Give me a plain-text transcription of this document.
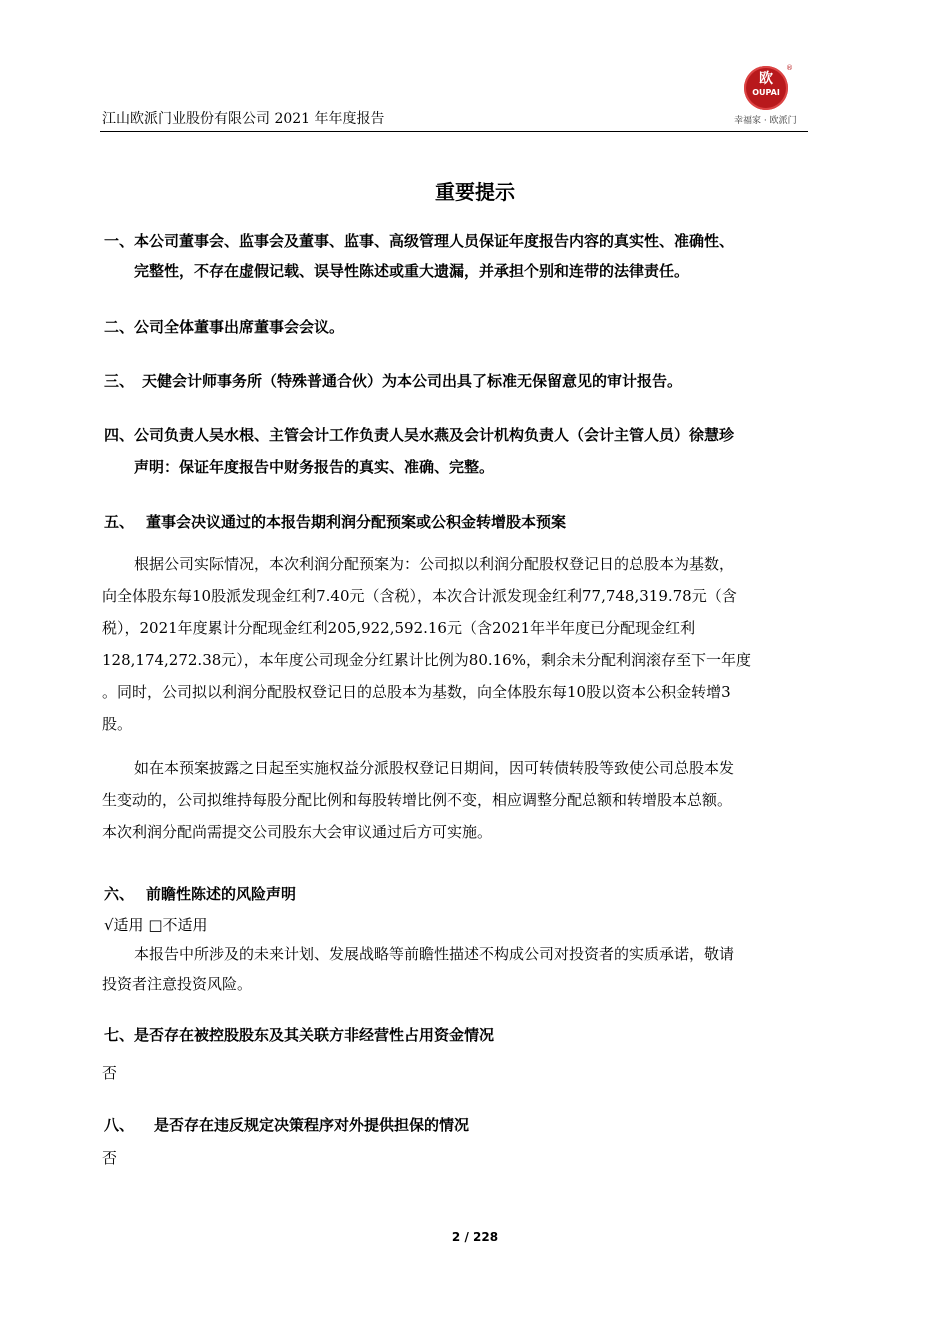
江山欧派门业股份有限公司 2021 年年度报告
欧
OUPAI
®
幸福家 · 欧派门
重要提示
一、本公司董事会、监事会及董事、监事、高级管理人员保证年度报告内容的真实性、准确性、
完整性，不存在虚假记载、误导性陈述或重大遗漏，并承担个别和连带的法律责任。
二、公司全体董事出席董事会会议。
三、 天健会计师事务所（特殊普通合伙）为本公司出具了标准无保留意见的审计报告。
四、公司负责人吴水根、主管会计工作负责人吴水燕及会计机构负责人（会计主管人员）徐慧珍
声明：保证年度报告中财务报告的真实、准确、完整。
五、 董事会决议通过的本报告期利润分配预案或公积金转增股本预案
根据公司实际情况，本次利润分配预案为：公司拟以利润分配股权登记日的总股本为基数，
向全体股东每10股派发现金红利7.40元（含税），本次合计派发现金红利77,748,319.78元（含
税），2021年度累计分配现金红利205,922,592.16元（含2021年半年度已分配现金红利
128,174,272.38元），本年度公司现金分红累计比例为80.16%，剩余未分配利润滚存至下一年度
。同时，公司拟以利润分配股权登记日的总股本为基数，向全体股东每10股以资本公积金转增3
股。
如在本预案披露之日起至实施权益分派股权登记日期间，因可转债转股等致使公司总股本发
生变动的，公司拟维持每股分配比例和每股转增比例不变，相应调整分配总额和转增股本总额。
本次利润分配尚需提交公司股东大会审议通过后方可实施。
六、 前瞻性陈述的风险声明
√适用 □不适用
本报告中所涉及的未来计划、发展战略等前瞻性描述不构成公司对投资者的实质承诺，敬请
投资者注意投资风险。
七、是否存在被控股股东及其关联方非经营性占用资金情况
否
八、 是否存在违反规定决策程序对外提供担保的情况
否
2 / 228
